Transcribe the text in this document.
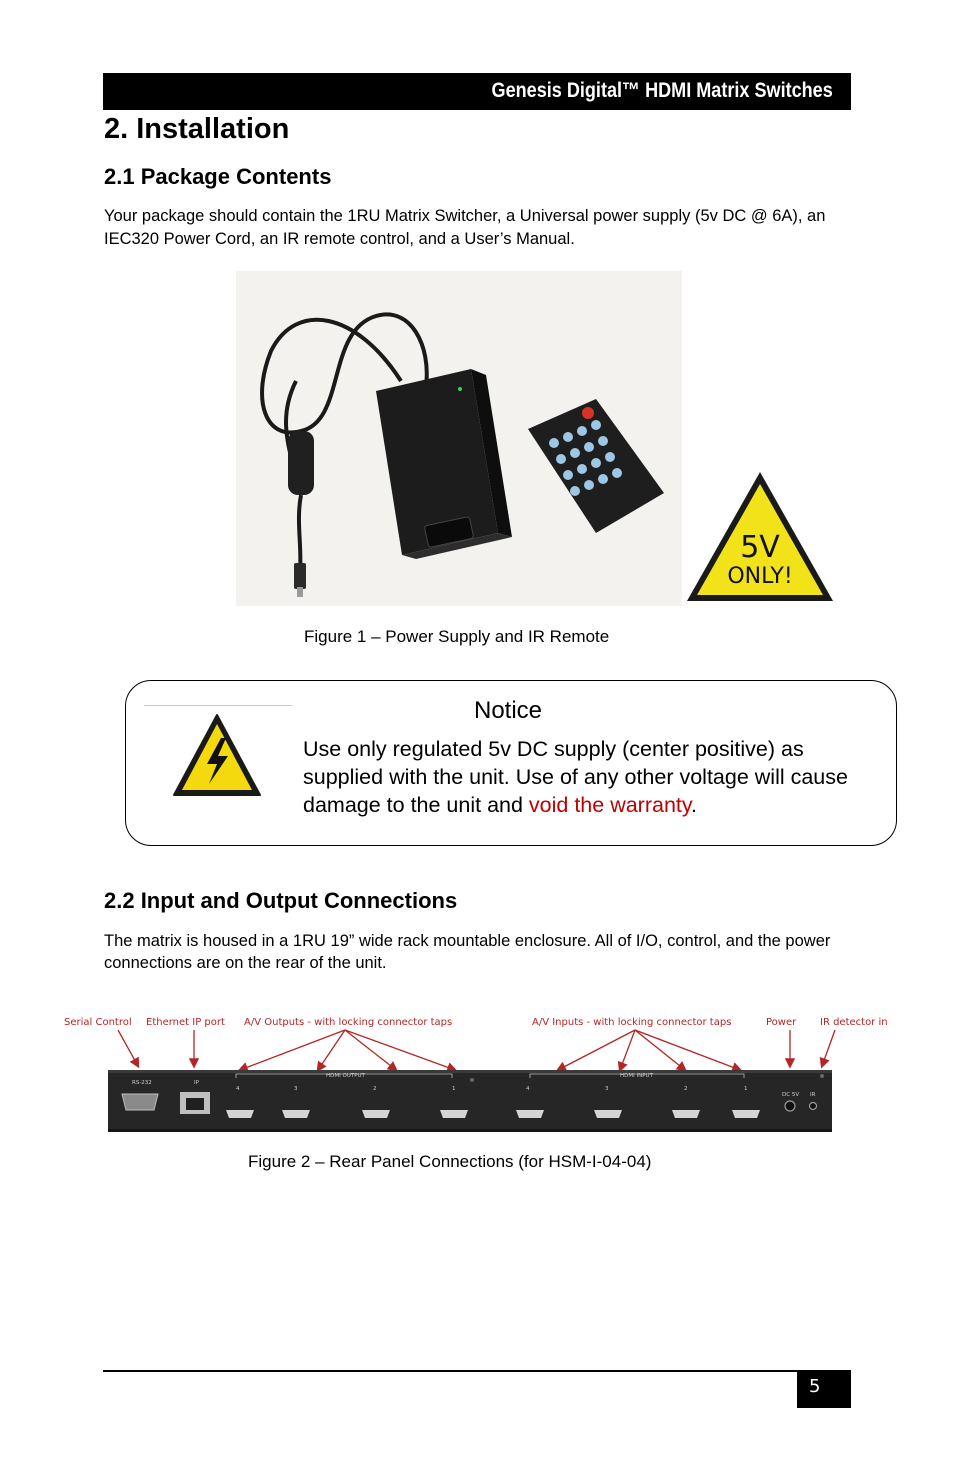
Genesis Digital™ HDMI Matrix Switches
2. Installation
2.1 Package Contents

Your package should contain the 1RU Matrix Switcher, a Universal power supply (5v DC @ 6A), an IEC320 Power Cord, an IR remote control, and a User’s Manual.

5V
ONLY!
Figure 1 – Power Supply and IR Remote
Notice

Use only regulated 5v DC supply (center positive) as supplied with the unit. Use of any other voltage will cause damage to the unit and void the warranty.

2.2 Input and Output Connections

The matrix is housed in a 1RU 19” wide rack mountable enclosure. All of I/O, control, and the power connections are on the rear of the unit.

Serial Control Ethernet IP port A/V Outputs - with locking connector taps	A/V Inputs - with locking connector taps	Power IR detector in
RS-232	IP
HDMI OUTPUT
4	3	2	1
HDMI INPUT
4	3	2	1
DC 5V IR
Figure 2 – Rear Panel Connections (for HSM-I-04-04)
5
